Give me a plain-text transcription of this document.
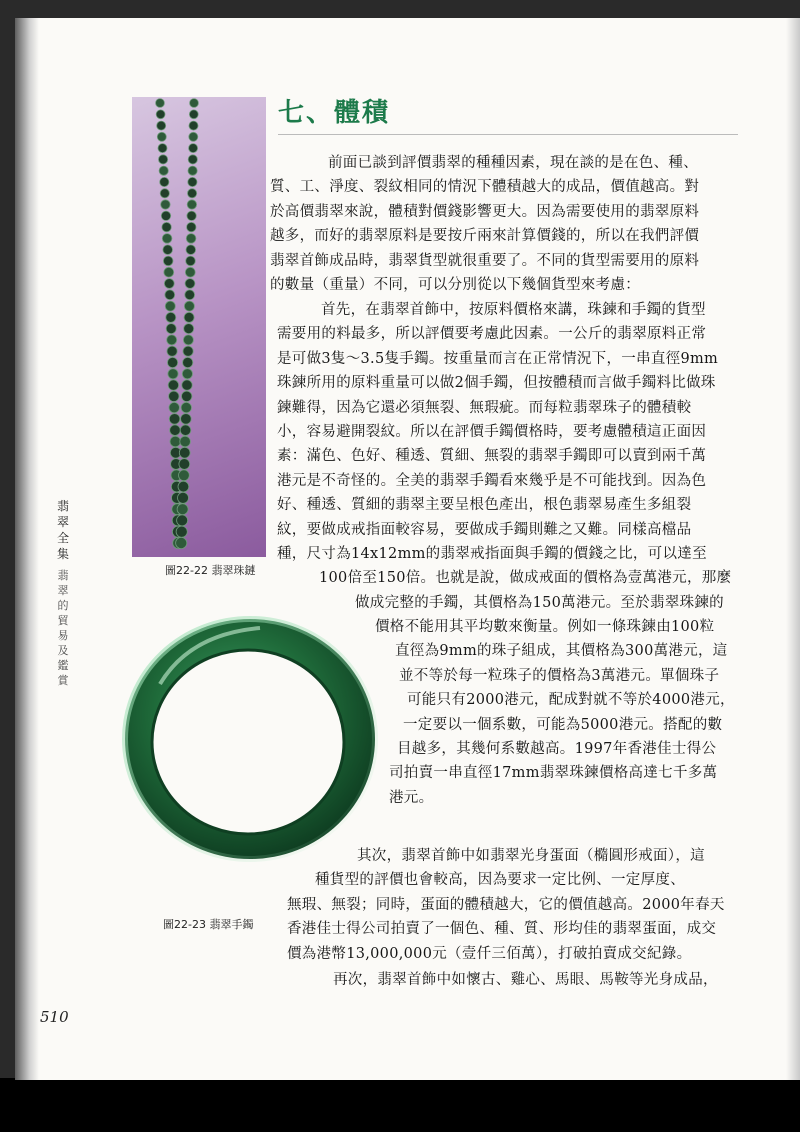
圖22-22 翡翠珠鏈
翡翠全集
翡翠的貿易及鑑賞
圖22-23 翡翠手鐲
七、體積
前面已談到評價翡翠的種種因素，現在談的是在色、種、
質、工、淨度、裂紋相同的情況下體積越大的成品，價值越高。對
於高價翡翠來說，體積對價錢影響更大。因為需要使用的翡翠原料
越多，而好的翡翠原料是要按斤兩來計算價錢的，所以在我們評價
翡翠首飾成品時，翡翠貨型就很重要了。不同的貨型需要用的原料
的數量（重量）不同，可以分別從以下幾個貨型來考慮：
首先，在翡翠首飾中，按原料價格來講，珠鍊和手鐲的貨型
需要用的料最多，所以評價要考慮此因素。一公斤的翡翠原料正常
是可做3隻～3.5隻手鐲。按重量而言在正常情況下，一串直徑9mm
珠鍊所用的原料重量可以做2個手鐲，但按體積而言做手鐲料比做珠
鍊難得，因為它還必須無裂、無瑕疵。而每粒翡翠珠子的體積較
小，容易避開裂紋。所以在評價手鐲價格時，要考慮體積這正面因
素：滿色、色好、種透、質細、無裂的翡翠手鐲即可以賣到兩千萬
港元是不奇怪的。全美的翡翠手鐲看來幾乎是不可能找到。因為色
好、種透、質細的翡翠主要呈根色產出，根色翡翠易產生多組裂
紋，要做成戒指面較容易，要做成手鐲則難之又難。同樣高檔品
種，尺寸為14x12mm的翡翠戒指面與手鐲的價錢之比，可以達至
100倍至150倍。也就是說，做成戒面的價格為壹萬港元，那麼
做成完整的手鐲，其價格為150萬港元。至於翡翠珠鍊的
價格不能用其平均數來衡量。例如一條珠鍊由100粒
直徑為9mm的珠子組成，其價格為300萬港元，這
並不等於每一粒珠子的價格為3萬港元。單個珠子
可能只有2000港元，配成對就不等於4000港元，
一定要以一個系數，可能為5000港元。搭配的數
目越多，其幾何系數越高。1997年香港佳士得公
司拍賣一串直徑17mm翡翠珠鍊價格高達七千多萬
港元。
其次，翡翠首飾中如翡翠光身蛋面（橢圓形戒面），這
種貨型的評價也會較高，因為要求一定比例、一定厚度、
無瑕、無裂；同時，蛋面的體積越大，它的價值越高。2000年春天
香港佳士得公司拍賣了一個色、種、質、形均佳的翡翠蛋面，成交
價為港幣13,000,000元（壹仟三佰萬），打破拍賣成交紀錄。
再次，翡翠首飾中如懷古、雞心、馬眼、馬鞍等光身成品，
510
